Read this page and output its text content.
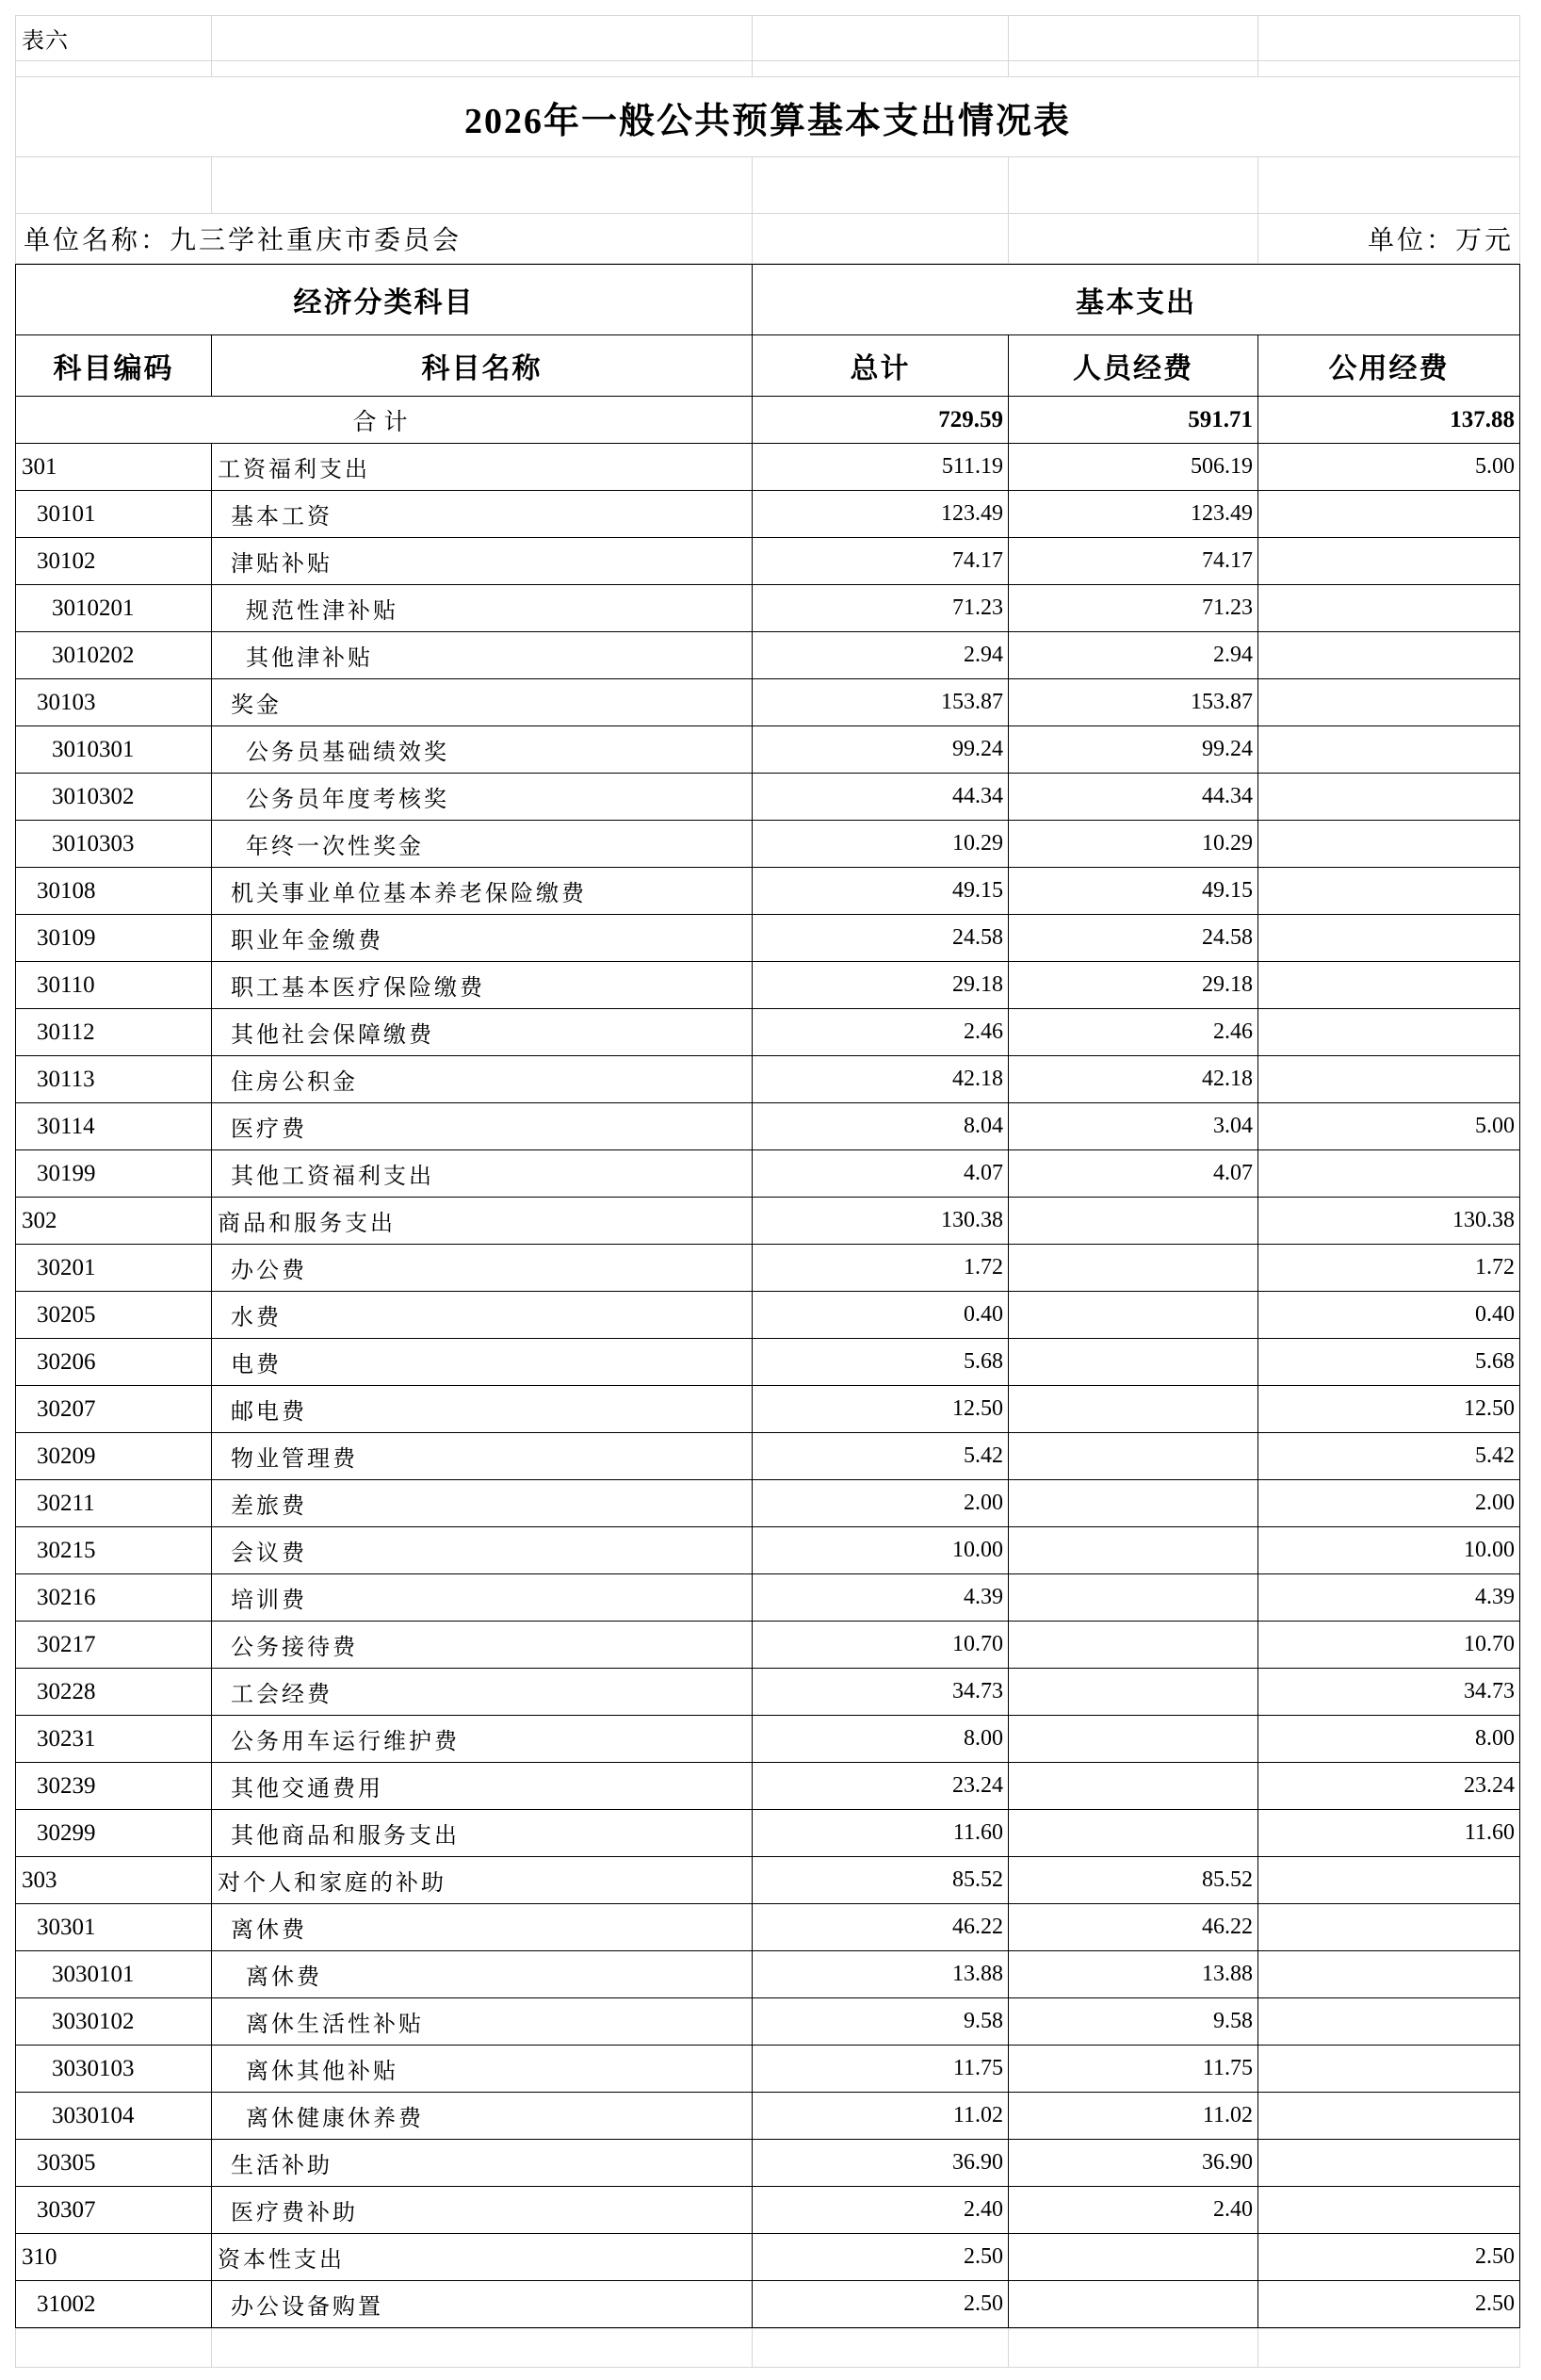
表六				

2026年一般公共预算基本支出情况表				

单位名称：九三学社重庆市委员会				单位：万元
经济分类科目		基本支出		
科目编码	科目名称	总计	人员经费	公用经费
合计		729.59	591.71	137.88
301	工资福利支出	511.19	506.19	5.00
30101	基本工资	123.49	123.49	
30102	津贴补贴	74.17	74.17	
3010201	规范性津补贴	71.23	71.23	
3010202	其他津补贴	2.94	2.94	
30103	奖金	153.87	153.87	
3010301	公务员基础绩效奖	99.24	99.24	
3010302	公务员年度考核奖	44.34	44.34	
3010303	年终一次性奖金	10.29	10.29	
30108	机关事业单位基本养老保险缴费	49.15	49.15	
30109	职业年金缴费	24.58	24.58	
30110	职工基本医疗保险缴费	29.18	29.18	
30112	其他社会保障缴费	2.46	2.46	
30113	住房公积金	42.18	42.18	
30114	医疗费	8.04	3.04	5.00
30199	其他工资福利支出	4.07	4.07	
302	商品和服务支出	130.38		130.38
30201	办公费	1.72		1.72
30205	水费	0.40		0.40
30206	电费	5.68		5.68
30207	邮电费	12.50		12.50
30209	物业管理费	5.42		5.42
30211	差旅费	2.00		2.00
30215	会议费	10.00		10.00
30216	培训费	4.39		4.39
30217	公务接待费	10.70		10.70
30228	工会经费	34.73		34.73
30231	公务用车运行维护费	8.00		8.00
30239	其他交通费用	23.24		23.24
30299	其他商品和服务支出	11.60		11.60
303	对个人和家庭的补助	85.52	85.52	
30301	离休费	46.22	46.22	
3030101	离休费	13.88	13.88	
3030102	离休生活性补贴	9.58	9.58	
3030103	离休其他补贴	11.75	11.75	
3030104	离休健康休养费	11.02	11.02	
30305	生活补助	36.90	36.90	
30307	医疗费补助	2.40	2.40	
310	资本性支出	2.50		2.50
31002	办公设备购置	2.50		2.50
